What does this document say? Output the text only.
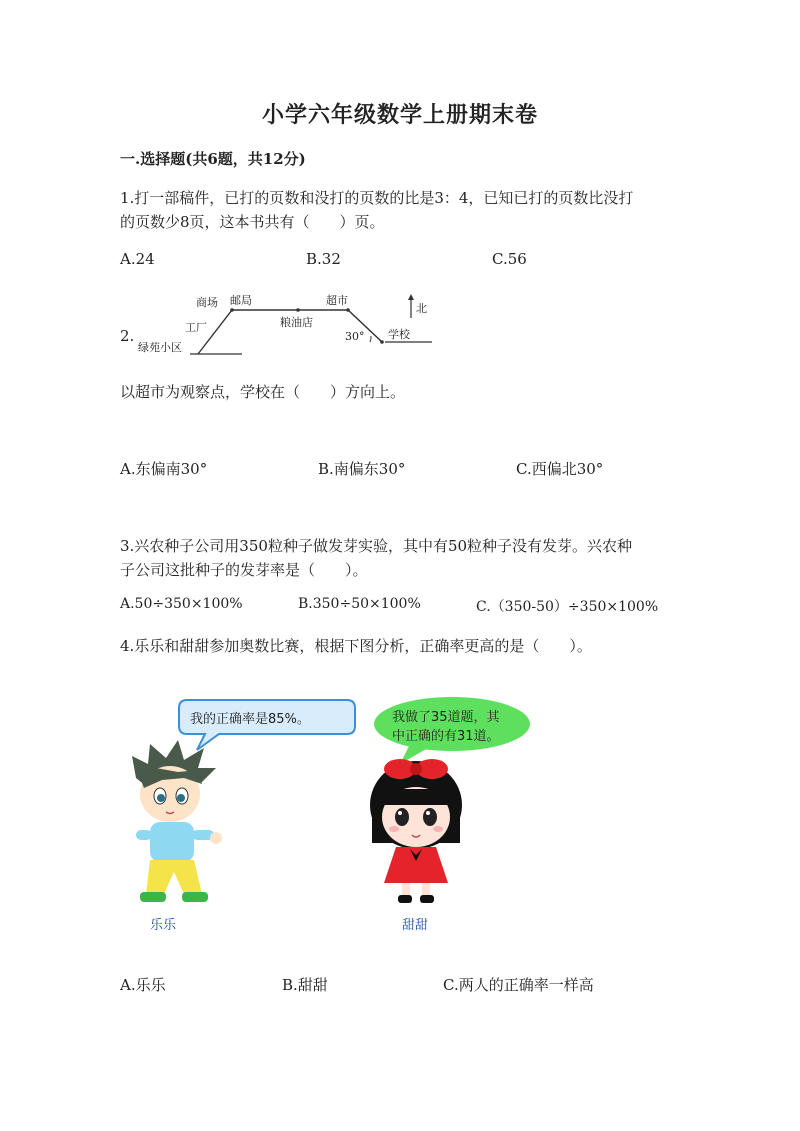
小学六年级数学上册期末卷
一.选择题(共6题，共12分)
1.打一部稿件，已打的页数和没打的页数的比是3：4，已知已打的页数比没打
的页数少8页，这本书共有（　　）页。
A.24	B.32	C.56
2.
商场 邮局	超市
北
工厂	粮油店
30° 学校
绿苑小区
以超市为观察点，学校在（　　）方向上。
A.东偏南30°	B.南偏东30°	C.西偏北30°
3.兴农种子公司用350粒种子做发芽实验，其中有50粒种子没有发芽。兴农种
子公司这批种子的发芽率是（　　）。
A.50÷350×100%	B.350÷50×100%	C.（350-50）÷350×100%
4.乐乐和甜甜参加奥数比赛，根据下图分析，正确率更高的是（　　）。
我的正确率是85%。	我做了35道题，其
中正确的有31道。
乐乐	甜甜
A.乐乐	B.甜甜	C.两人的正确率一样高
